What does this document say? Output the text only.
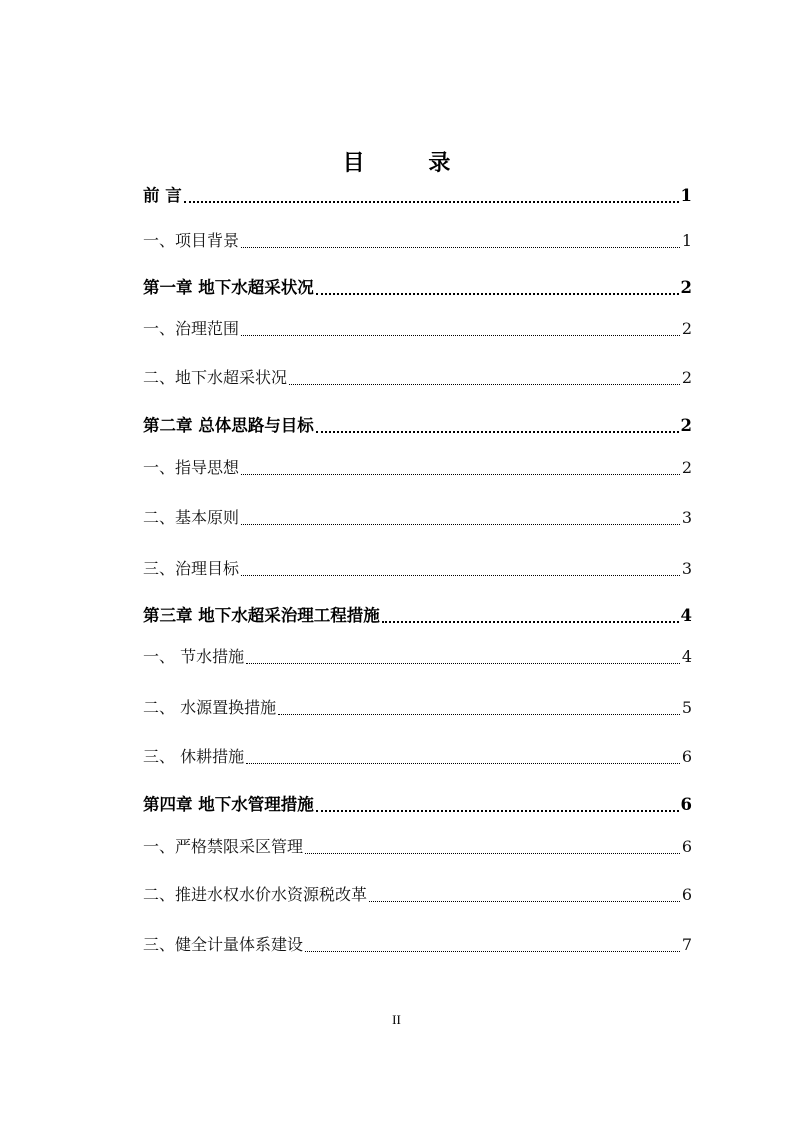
目 录
前 言	1
一、项目背景	1
第一章 地下水超采状况	2
一、治理范围	2
二、地下水超采状况	2
第二章 总体思路与目标	2
一、指导思想	2
二、基本原则	3
三、治理目标	3
第三章 地下水超采治理工程措施	4
一、 节水措施	4
二、 水源置换措施	5
三、 休耕措施	6
第四章 地下水管理措施	6
一、严格禁限采区管理	6
二、推进水权水价水资源税改革	6
三、健全计量体系建设	7
II
